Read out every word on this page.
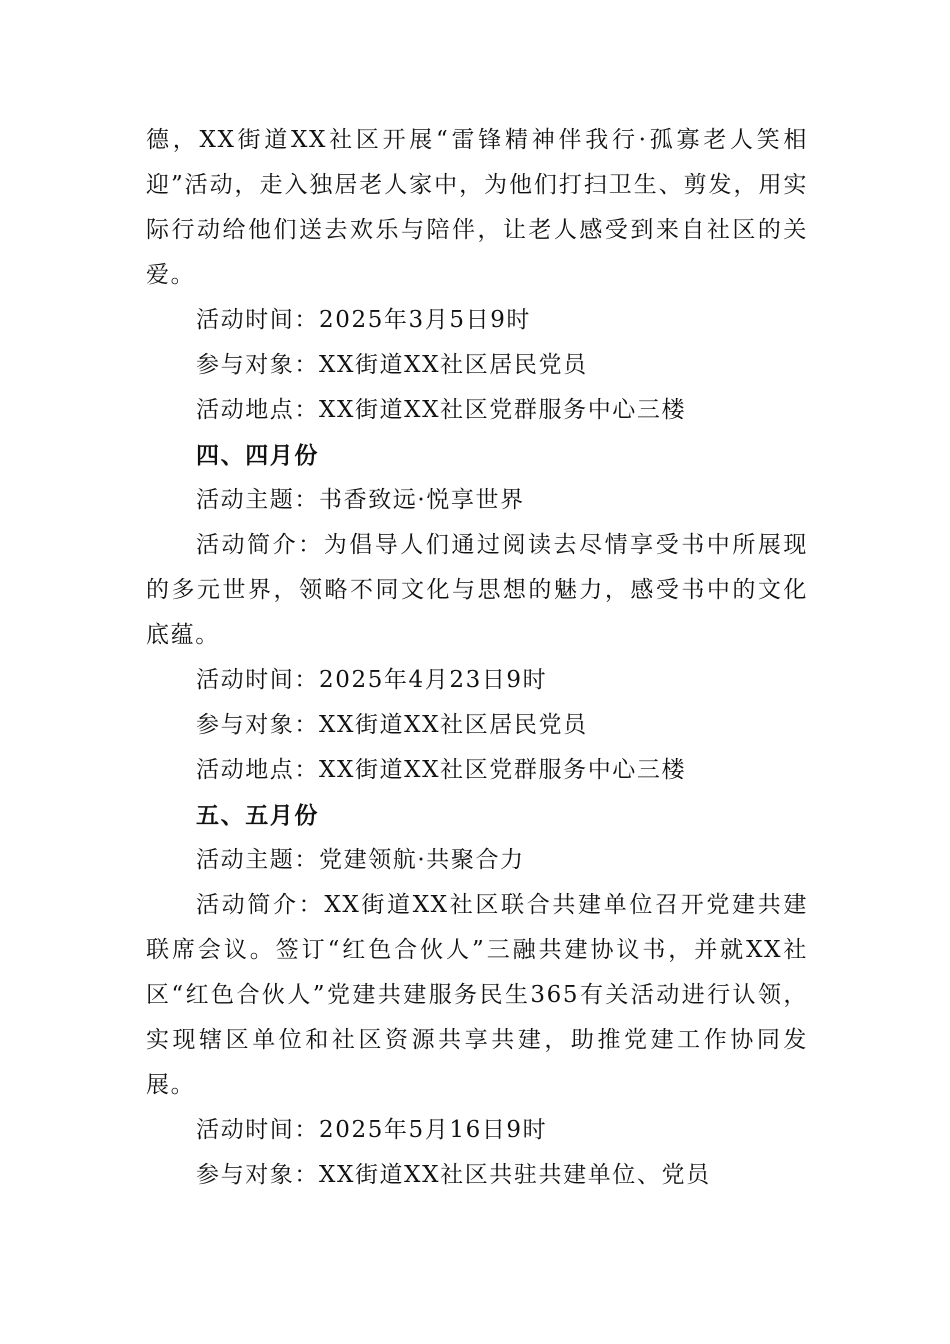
德，XX街道XX社区开展“雷锋精神伴我行·孤寡老人笑相迎”活动，走入独居老人家中，为他们打扫卫生、剪发，用实际行动给他们送去欢乐与陪伴，让老人感受到来自社区的关爱。

活动时间：2025年3月5日9时

参与对象：XX街道XX社区居民党员

活动地点：XX街道XX社区党群服务中心三楼

四、四月份

活动主题：书香致远·悦享世界

活动简介：为倡导人们通过阅读去尽情享受书中所展现的多元世界，领略不同文化与思想的魅力，感受书中的文化底蕴。

活动时间：2025年4月23日9时

参与对象：XX街道XX社区居民党员

活动地点：XX街道XX社区党群服务中心三楼

五、五月份

活动主题：党建领航·共聚合力

活动简介：XX街道XX社区联合共建单位召开党建共建联席会议。签订“红色合伙人”三融共建协议书，并就XX社区“红色合伙人”党建共建服务民生365有关活动进行认领，实现辖区单位和社区资源共享共建，助推党建工作协同发展。

活动时间：2025年5月16日9时

参与对象：XX街道XX社区共驻共建单位、党员
